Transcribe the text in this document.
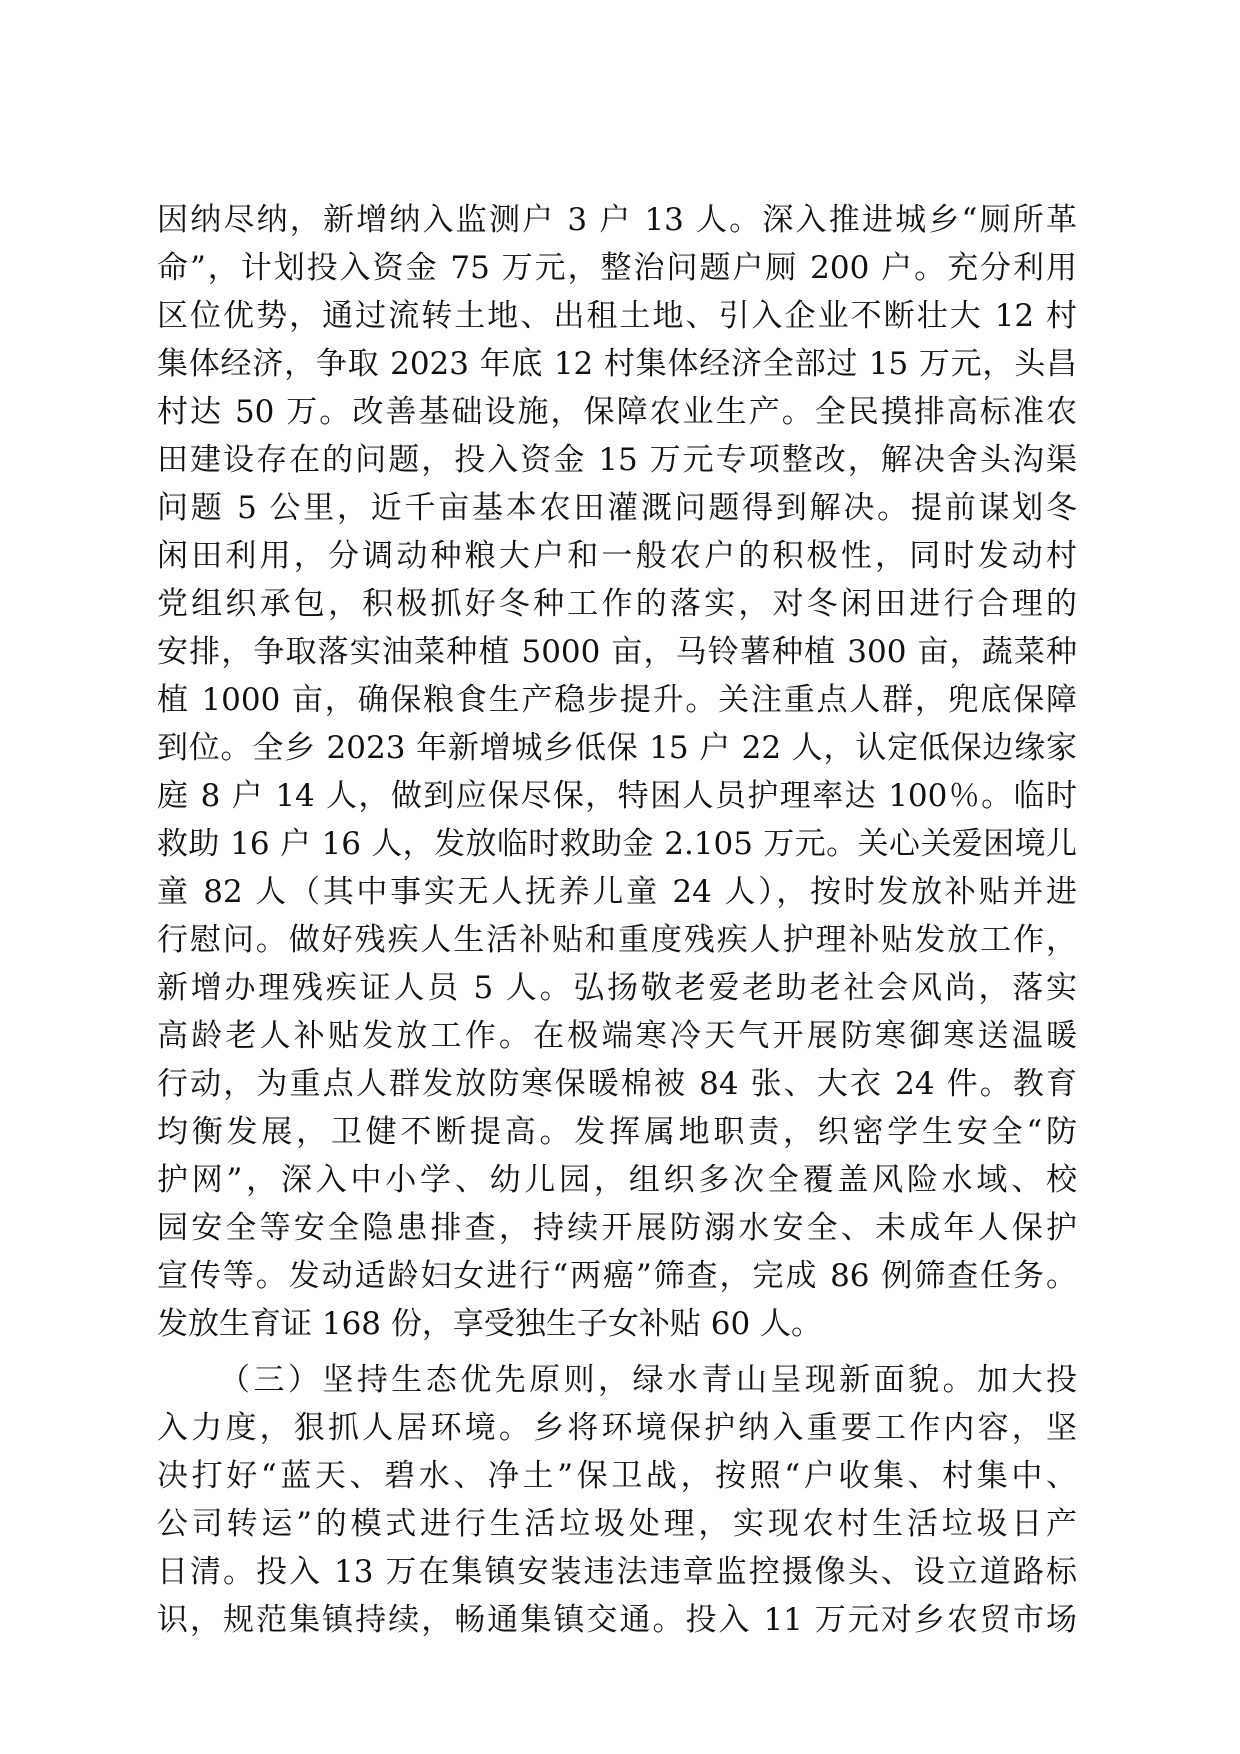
因纳尽纳，新增纳入监测户 3 户 13 人。深入推进城乡“厕所革
命”，计划投入资金 75 万元，整治问题户厕 200 户。充分利用
区位优势，通过流转土地、出租土地、引入企业不断壮大 12 村
集体经济，争取 2023 年底 12 村集体经济全部过 15 万元，头昌
村达 50 万。改善基础设施，保障农业生产。全民摸排高标准农
田建设存在的问题，投入资金 15 万元专项整改，解决舍头沟渠
问题 5 公里，近千亩基本农田灌溉问题得到解决。提前谋划冬
闲田利用，分调动种粮大户和一般农户的积极性，同时发动村
党组织承包，积极抓好冬种工作的落实，对冬闲田进行合理的
安排，争取落实油菜种植 5000 亩，马铃薯种植 300 亩，蔬菜种
植 1000 亩，确保粮食生产稳步提升。关注重点人群，兜底保障
到位。全乡 2023 年新增城乡低保 15 户 22 人，认定低保边缘家
庭 8 户 14 人，做到应保尽保，特困人员护理率达 100％。临时
救助 16 户 16 人，发放临时救助金 2.105 万元。关心关爱困境儿
童 82 人（其中事实无人抚养儿童 24 人），按时发放补贴并进
行慰问。做好残疾人生活补贴和重度残疾人护理补贴发放工作，
新增办理残疾证人员 5 人。弘扬敬老爱老助老社会风尚，落实
高龄老人补贴发放工作。在极端寒冷天气开展防寒御寒送温暖
行动，为重点人群发放防寒保暖棉被 84 张、大衣 24 件。教育
均衡发展，卫健不断提高。发挥属地职责，织密学生安全“防
护网”，深入中小学、幼儿园，组织多次全覆盖风险水域、校
园安全等安全隐患排查，持续开展防溺水安全、未成年人保护
宣传等。发动适龄妇女进行“两癌”筛查，完成 86 例筛查任务。
发放生育证 168 份，享受独生子女补贴 60 人。
（三）坚持生态优先原则，绿水青山呈现新面貌。加大投
入力度，狠抓人居环境。乡将环境保护纳入重要工作内容，坚
决打好“蓝天、碧水、净土”保卫战，按照“户收集、村集中、
公司转运”的模式进行生活垃圾处理，实现农村生活垃圾日产
日清。投入 13 万在集镇安装违法违章监控摄像头、设立道路标
识，规范集镇持续，畅通集镇交通。投入 11 万元对乡农贸市场
